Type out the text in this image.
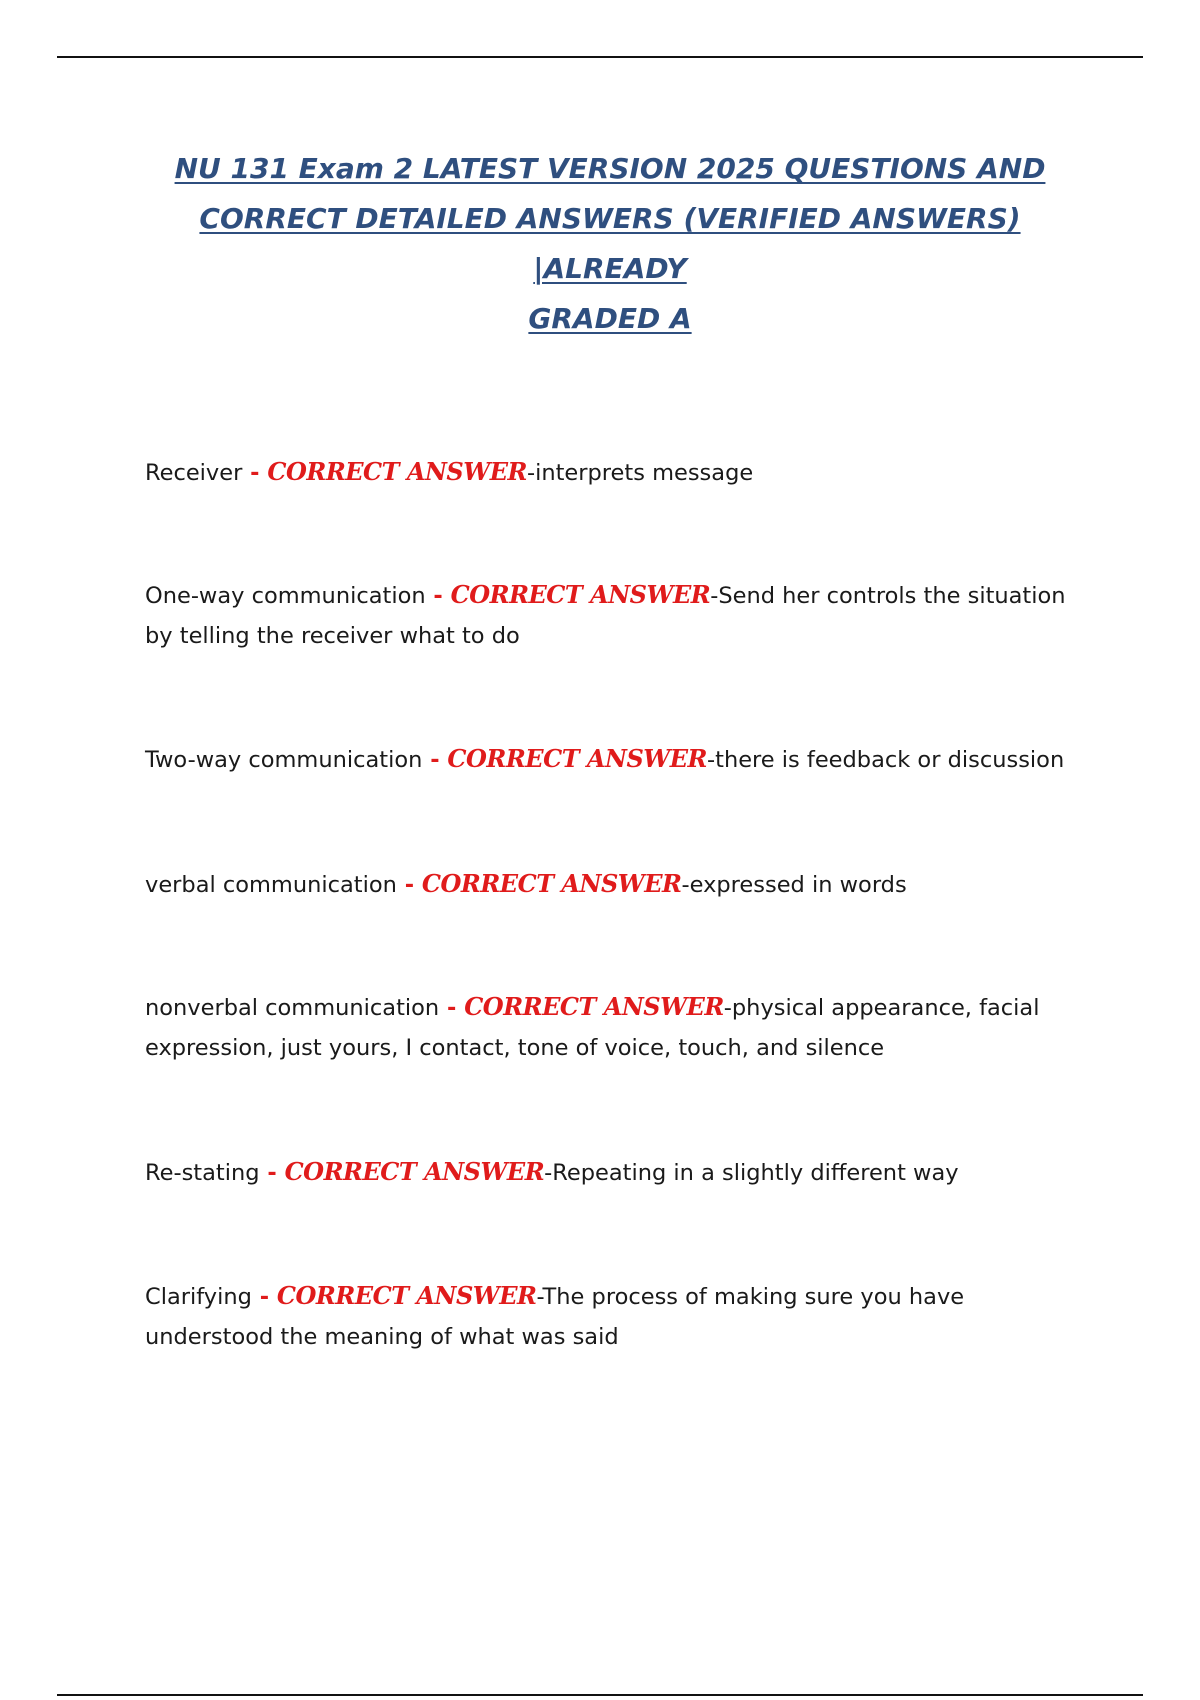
NU 131 Exam 2 LATEST VERSION 2025 QUESTIONS AND
CORRECT DETAILED ANSWERS (VERIFIED ANSWERS) |ALREADY
GRADED A

Receiver - CORRECT ANSWER-interprets message

One-way communication - CORRECT ANSWER-Send her controls the situation by telling the receiver what to do

Two-way communication - CORRECT ANSWER-there is feedback or discussion

verbal communication - CORRECT ANSWER-expressed in words

nonverbal communication - CORRECT ANSWER-physical appearance, facial expression, just yours, I contact, tone of voice, touch, and silence

Re-stating - CORRECT ANSWER-Repeating in a slightly different way

Clarifying - CORRECT ANSWER-The process of making sure you have understood the meaning of what was said
